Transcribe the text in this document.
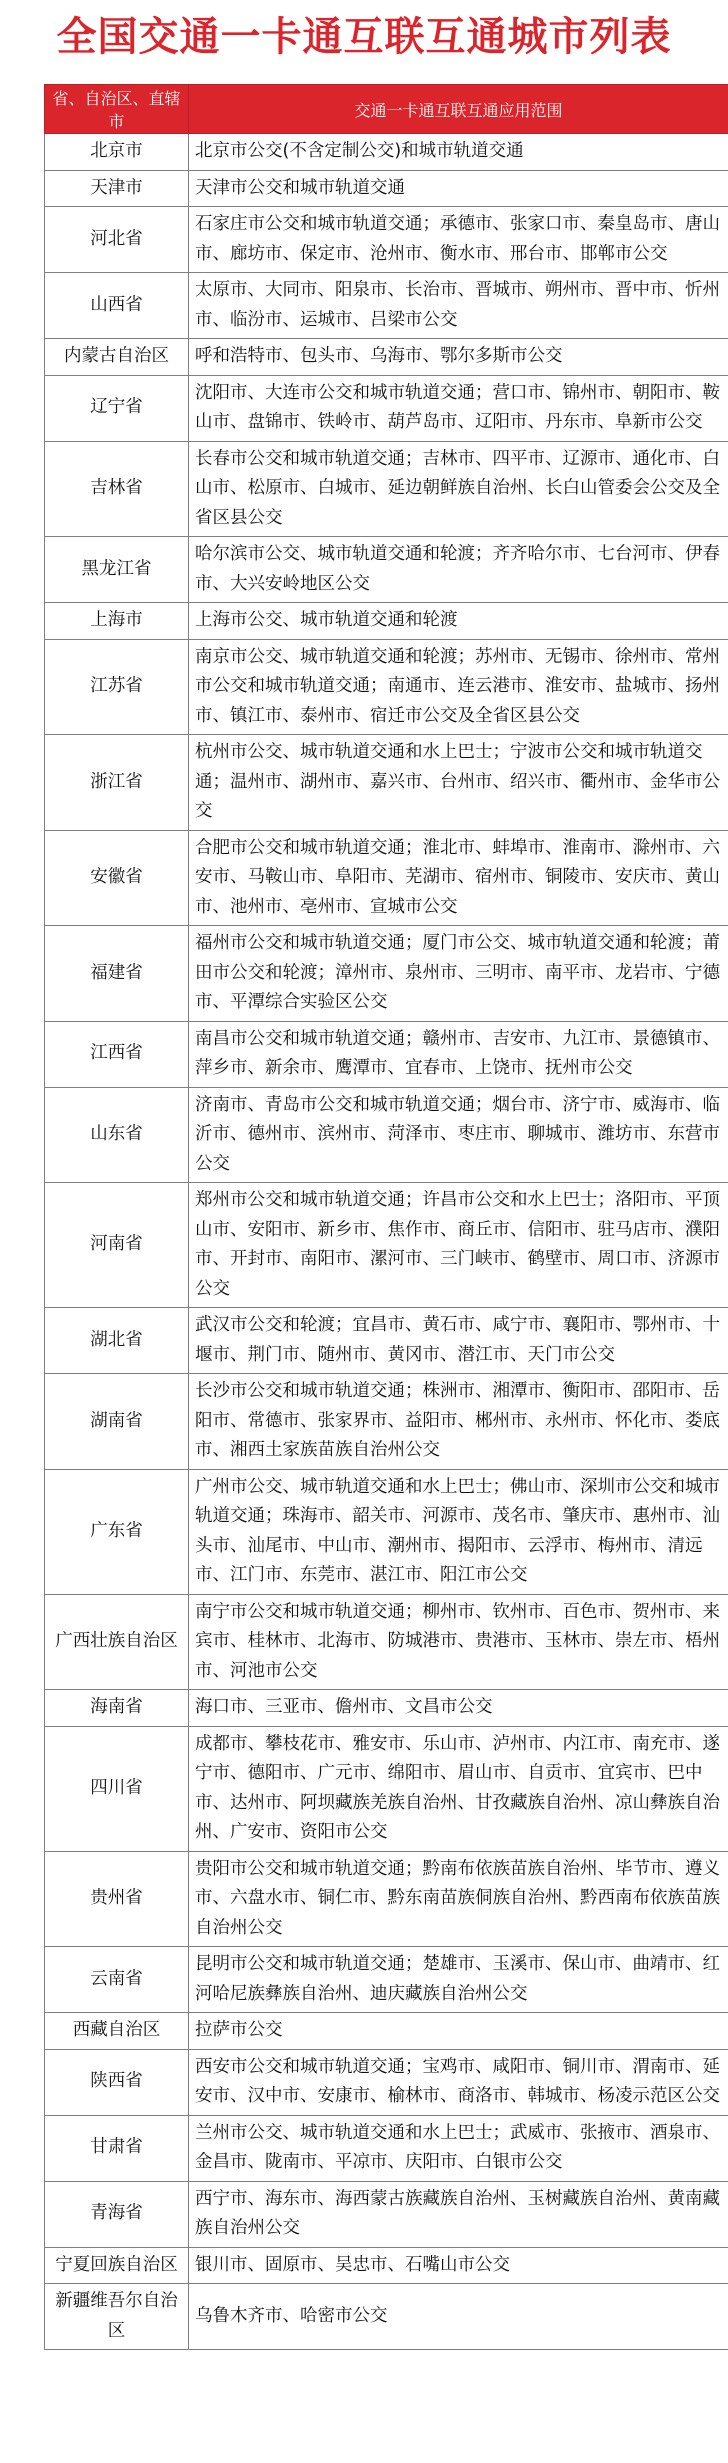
全国交通一卡通互联互通城市列表
省、自治区、直辖市	交通一卡通互联互通应用范围
北京市	北京市公交(不含定制公交)和城市轨道交通
天津市	天津市公交和城市轨道交通
河北省	石家庄市公交和城市轨道交通；承德市、张家口市、秦皇岛市、唐山市、廊坊市、保定市、沧州市、衡水市、邢台市、邯郸市公交
山西省	太原市、大同市、阳泉市、长治市、晋城市、朔州市、晋中市、忻州市、临汾市、运城市、吕梁市公交
内蒙古自治区	呼和浩特市、包头市、乌海市、鄂尔多斯市公交
辽宁省	沈阳市、大连市公交和城市轨道交通；营口市、锦州市、朝阳市、鞍山市、盘锦市、铁岭市、葫芦岛市、辽阳市、丹东市、阜新市公交
吉林省	长春市公交和城市轨道交通；吉林市、四平市、辽源市、通化市、白山市、松原市、白城市、延边朝鲜族自治州、长白山管委会公交及全省区县公交
黑龙江省	哈尔滨市公交、城市轨道交通和轮渡；齐齐哈尔市、七台河市、伊春市、大兴安岭地区公交
上海市	上海市公交、城市轨道交通和轮渡
江苏省	南京市公交、城市轨道交通和轮渡；苏州市、无锡市、徐州市、常州市公交和城市轨道交通；南通市、连云港市、淮安市、盐城市、扬州市、镇江市、泰州市、宿迁市公交及全省区县公交
浙江省	杭州市公交、城市轨道交通和水上巴士；宁波市公交和城市轨道交通；温州市、湖州市、嘉兴市、台州市、绍兴市、衢州市、金华市公交
安徽省	合肥市公交和城市轨道交通；淮北市、蚌埠市、淮南市、滁州市、六安市、马鞍山市、阜阳市、芜湖市、宿州市、铜陵市、安庆市、黄山市、池州市、亳州市、宣城市公交
福建省	福州市公交和城市轨道交通；厦门市公交、城市轨道交通和轮渡；莆田市公交和轮渡；漳州市、泉州市、三明市、南平市、龙岩市、宁德市、平潭综合实验区公交
江西省	南昌市公交和城市轨道交通；赣州市、吉安市、九江市、景德镇市、萍乡市、新余市、鹰潭市、宜春市、上饶市、抚州市公交
山东省	济南市、青岛市公交和城市轨道交通；烟台市、济宁市、威海市、临沂市、德州市、滨州市、菏泽市、枣庄市、聊城市、潍坊市、东营市公交
河南省	郑州市公交和城市轨道交通；许昌市公交和水上巴士；洛阳市、平顶山市、安阳市、新乡市、焦作市、商丘市、信阳市、驻马店市、濮阳市、开封市、南阳市、漯河市、三门峡市、鹤壁市、周口市、济源市公交
湖北省	武汉市公交和轮渡；宜昌市、黄石市、咸宁市、襄阳市、鄂州市、十堰市、荆门市、随州市、黄冈市、潜江市、天门市公交
湖南省	长沙市公交和城市轨道交通；株洲市、湘潭市、衡阳市、邵阳市、岳阳市、常德市、张家界市、益阳市、郴州市、永州市、怀化市、娄底市、湘西土家族苗族自治州公交
广东省	广州市公交、城市轨道交通和水上巴士；佛山市、深圳市公交和城市轨道交通；珠海市、韶关市、河源市、茂名市、肇庆市、惠州市、汕头市、汕尾市、中山市、潮州市、揭阳市、云浮市、梅州市、清远市、江门市、东莞市、湛江市、阳江市公交
广西壮族自治区	南宁市公交和城市轨道交通；柳州市、钦州市、百色市、贺州市、来宾市、桂林市、北海市、防城港市、贵港市、玉林市、崇左市、梧州市、河池市公交
海南省	海口市、三亚市、儋州市、文昌市公交
四川省	成都市、攀枝花市、雅安市、乐山市、泸州市、内江市、南充市、遂宁市、德阳市、广元市、绵阳市、眉山市、自贡市、宜宾市、巴中市、达州市、阿坝藏族羌族自治州、甘孜藏族自治州、凉山彝族自治州、广安市、资阳市公交
贵州省	贵阳市公交和城市轨道交通；黔南布依族苗族自治州、毕节市、遵义市、六盘水市、铜仁市、黔东南苗族侗族自治州、黔西南布依族苗族自治州公交
云南省	昆明市公交和城市轨道交通；楚雄市、玉溪市、保山市、曲靖市、红河哈尼族彝族自治州、迪庆藏族自治州公交
西藏自治区	拉萨市公交
陕西省	西安市公交和城市轨道交通；宝鸡市、咸阳市、铜川市、渭南市、延安市、汉中市、安康市、榆林市、商洛市、韩城市、杨凌示范区公交
甘肃省	兰州市公交、城市轨道交通和水上巴士；武威市、张掖市、酒泉市、金昌市、陇南市、平凉市、庆阳市、白银市公交
青海省	西宁市、海东市、海西蒙古族藏族自治州、玉树藏族自治州、黄南藏族自治州公交
宁夏回族自治区	银川市、固原市、吴忠市、石嘴山市公交
新疆维吾尔自治区	乌鲁木齐市、哈密市公交
